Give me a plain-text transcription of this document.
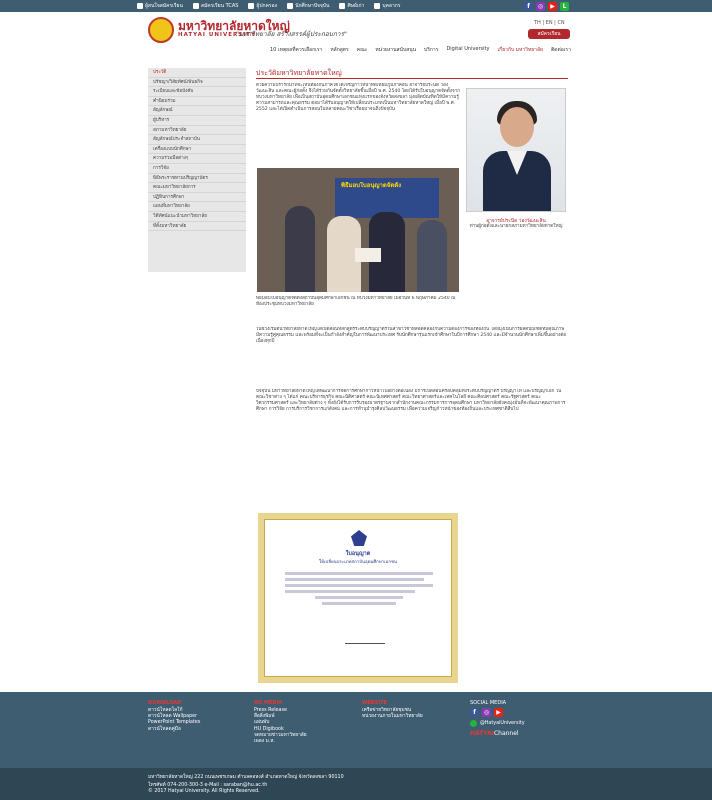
ผู้สนใจสมัครเรียน	สมัครเรียน TCAS	ผู้ปกครอง	นักศึกษาปัจจุบัน	ศิษย์เก่า	บุคลากร	f	◎	▶	L
มหาวิทยาลัยหาดใหญ่
HATYAI UNIVERSITY
"มหาวิทยาลัย สร้างสรรค์ผู้ประกอบการ"
TH | EN | CN
สมัครเรียน
10 เหตุผลที่ควรเลือกเรา หลักสูตร คณะ หน่วยงานสนับสนุน บริการ Digital University เกี่ยวกับ มหาวิทยาลัย ติดต่อเรา
ประวัติ
ปรัชญา/วิสัยทัศน์/พันธกิจ
ระเบียบและข้อบังคับ
คำนิยมร่วม
สัญลักษณ์
ผู้บริหาร
สภามหาวิทยาลัย
สัญลักษณ์ประจำสถาบัน
เครื่องแบบนักศึกษา
ความร่วมมือต่างๆ
การวิจัย
พิธีพระราชทานปริญญาบัตร
คณะมหาวิทยาลัยการ
ปฏิทินการศึกษา
แผนที่มหาวิทยาลัย
วิดีทัศน์แนะนำมหาวิทยาลัย
ที่ตั้งมหาวิทยาลัย
ประวัติมหาวิทยาลัยหาดใหญ่
ด้วยความปรารถนาที่จะเห็นท้องถิ่นภาคใต้ได้เจริญก้าวหน้าทัดเทียมภูมิภาคอื่น อาจารย์ประนีต ว่องวัฒนะสิน และคณะผู้ก่อตั้ง จึงได้ร่วมกันจัดตั้งวิทยาลัยขึ้นเมื่อปี พ.ศ. 2540 โดยได้รับใบอนุญาตจัดตั้งจากทบวงมหาวิทยาลัย เพื่อเป็นสถาบันอุดมศึกษาเอกชนแห่งแรกของจังหวัดสงขลา มุ่งผลิตบัณฑิตให้มีความรู้ความสามารถและคุณธรรม ต่อมาได้รับอนุญาตให้เปลี่ยนประเภทเป็นมหาวิทยาลัยหาดใหญ่ เมื่อปี พ.ศ. 2552 และได้เปิดดำเนินการสอนในหลายคณะวิชาเรื่อยมาจนถึงปัจจุบัน
อาจารย์ประนีต ว่องวัฒนะสิน
ท่านผู้ก่อตั้งและนายกสภามหาวิทยาลัยหาดใหญ่
พิธีมอบใบอนุญาตจัดตั้ง
พิธีมอบใบอนุญาตจัดตั้งสถาบันอุดมศึกษาเอกชน ณ ทบวงมหาวิทยาลัย เมื่อวันที่ 6 พฤษภาคม 2540 ณ ห้องประชุมทบวงมหาวิทยาลัย
ในช่วงเริ่มต้นวิทยาลัยหาดใหญ่ได้เปิดสอนหลักสูตรระดับปริญญาตรีในสาขาวิชาที่สอดคล้องกับความต้องการของท้องถิ่น โดยมุ่งเน้นการผลิตบัณฑิตที่มีคุณภาพ มีความรู้คู่คุณธรรม และพร้อมที่จะเป็นกำลังสำคัญในการพัฒนาประเทศ รับนักศึกษารุ่นแรกเข้าศึกษาในปีการศึกษา 2540 และมีจำนวนนักศึกษาเพิ่มขึ้นอย่างต่อเนื่องทุกปี
ปัจจุบัน มหาวิทยาลัยหาดใหญ่ได้พัฒนาการจัดการศึกษาก้าวหน้าไปอย่างต่อเนื่อง มีการเปิดสอนครอบคลุมทั้งระดับปริญญาตรี ปริญญาโท และปริญญาเอก ในคณะวิชาต่าง ๆ ได้แก่ คณะบริหารธุรกิจ คณะนิติศาสตร์ คณะนิเทศศาสตร์ คณะวิทยาศาสตร์และเทคโนโลยี คณะศิลปศาสตร์ คณะรัฐศาสตร์ คณะวิศวกรรมศาสตร์ และวิทยาลัยต่าง ๆ ทั้งยังได้รับการรับรองมาตรฐานจากสำนักงานคณะกรรมการการอุดมศึกษา มหาวิทยาลัยยังคงมุ่งมั่นที่จะพัฒนาคุณภาพการศึกษา การวิจัย การบริการวิชาการแก่สังคม และการทำนุบำรุงศิลปวัฒนธรรม เพื่อความเจริญก้าวหน้าของท้องถิ่นและประเทศชาติสืบไป
ใบอนุญาต
ให้เปลี่ยนประเภทสถาบันอุดมศึกษาเอกชน
DOWNLOAD
ดาวน์โหลดโลโก้
ดาวน์โหลด Wallpaper
PowerPoint Templates
ดาวน์โหลดคู่มือ
HU MEDIA
Press Release
สื่อสิ่งพิมพ์
แผ่นพับ
HU Digibook
จดหมายข่าวมหาวิทยาลัย
เพลง ม.ห.
WEBSITE
เครือข่ายวิทยาลัยชุมชน
หน่วยงานภายในมหาวิทยาลัย
SOCIAL MEDIA
f	◎	▶
@HatyaiUniversity
HATYAIChannel
มหาวิทยาลัยหาดใหญ่ 222 ถนนเพชรเกษม ตำบลคอหงส์ อำเภอหาดใหญ่ จังหวัดสงขลา 90110
โทรศัพท์ 074-200-300-3 e-Mail : saraban@hu.ac.th
© 2017 Hatyai University. All Rights Reserved.
